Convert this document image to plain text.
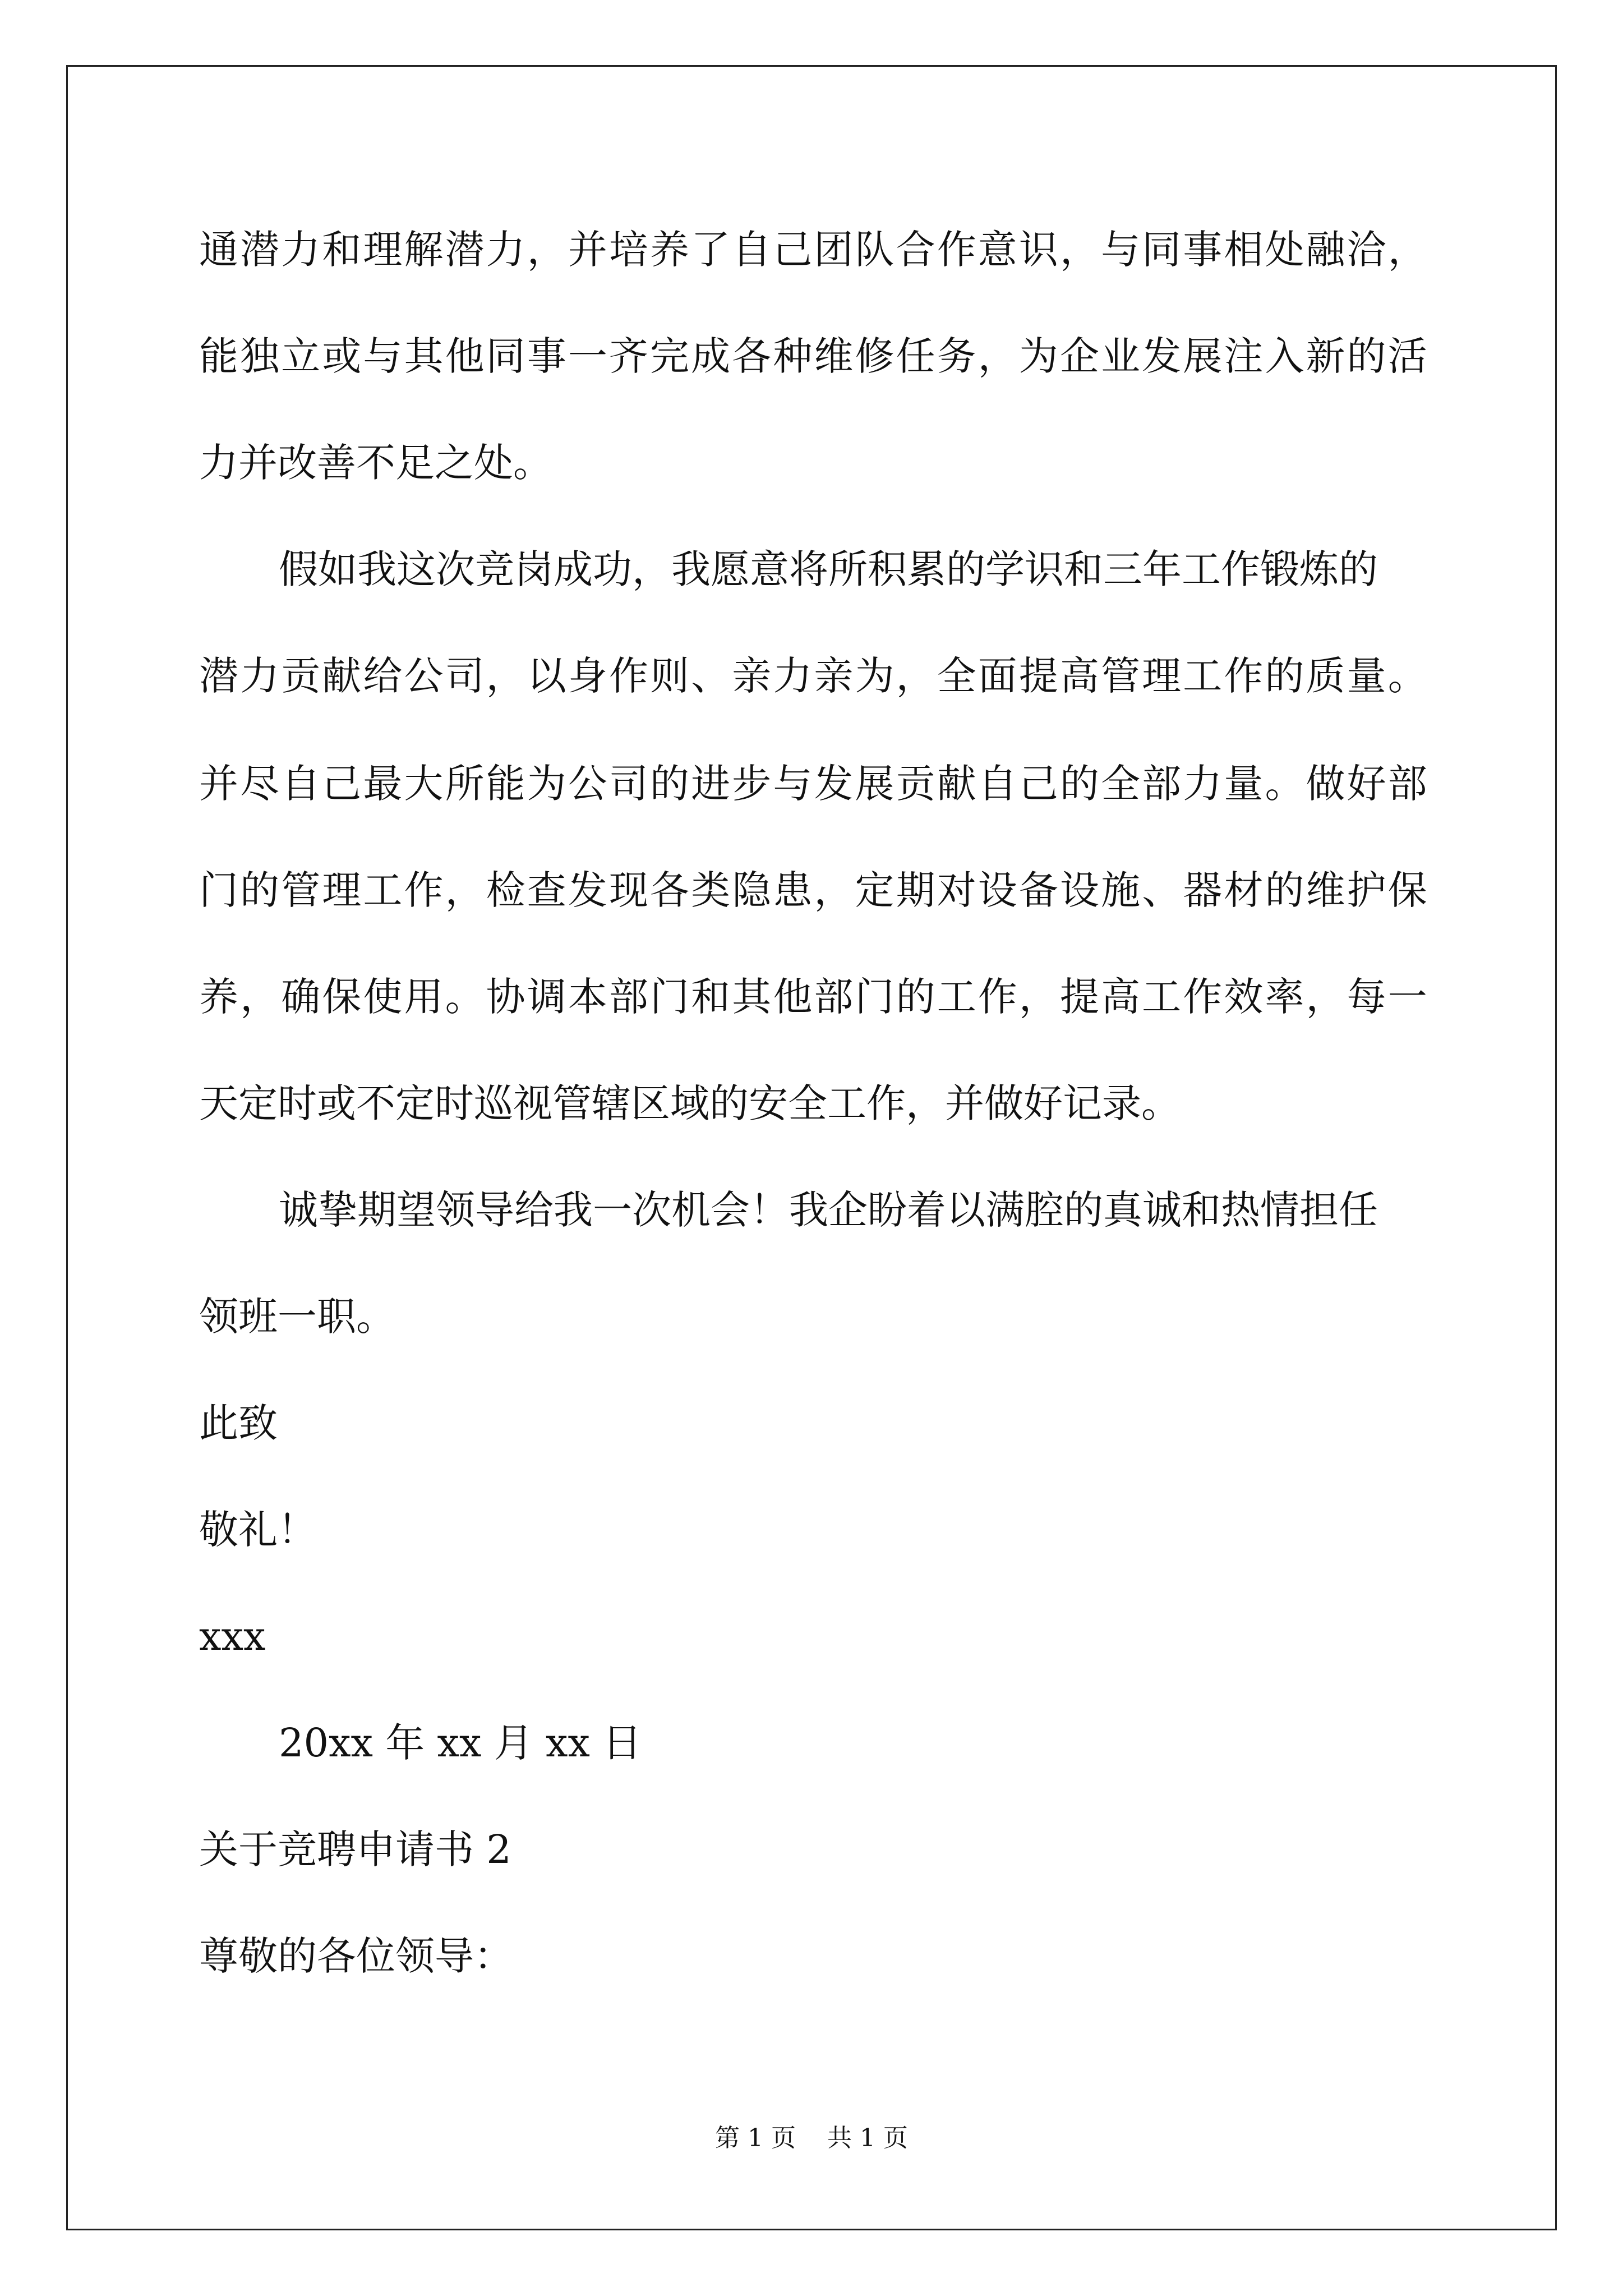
通 潜 力 和 理 解 潜 力 ， 并 培 养 了 自 己 团 队 合 作 意 识 ， 与 同 事 相 处 融 洽 ，
能 独 立 或 与 其 他 同 事 一 齐 完 成 各 种 维 修 任 务 ， 为 企 业 发 展 注 入 新 的 活
力并改善不足之处。
假如我这次竞岗成功，我愿意将所积累的学识和三年工作锻炼的
潜 力 贡 献 给 公 司 ， 以 身 作 则 、 亲 力 亲 为 ， 全 面 提 高 管 理 工 作 的 质 量 。
并 尽 自 己 最 大 所 能 为 公 司 的 进 步 与 发 展 贡 献 自 己 的 全 部 力 量 。 做 好 部
门 的 管 理 工 作 ， 检 查 发 现 各 类 隐 患 ， 定 期 对 设 备 设 施 、 器 材 的 维 护 保
养 ， 确 保 使 用 。 协 调 本 部 门 和 其 他 部 门 的 工 作 ， 提 高 工 作 效 率 ， 每 一
天定时或不定时巡视管辖区域的安全工作，并做好记录。
诚挚期望领导给我一次机会！我企盼着以满腔的真诚和热情担任
领班一职。
此致
敬礼！
xxx
20xx 年 xx 月 xx 日
关于竞聘申请书 2
尊敬的各位领导：
第 1 页 共 1 页
